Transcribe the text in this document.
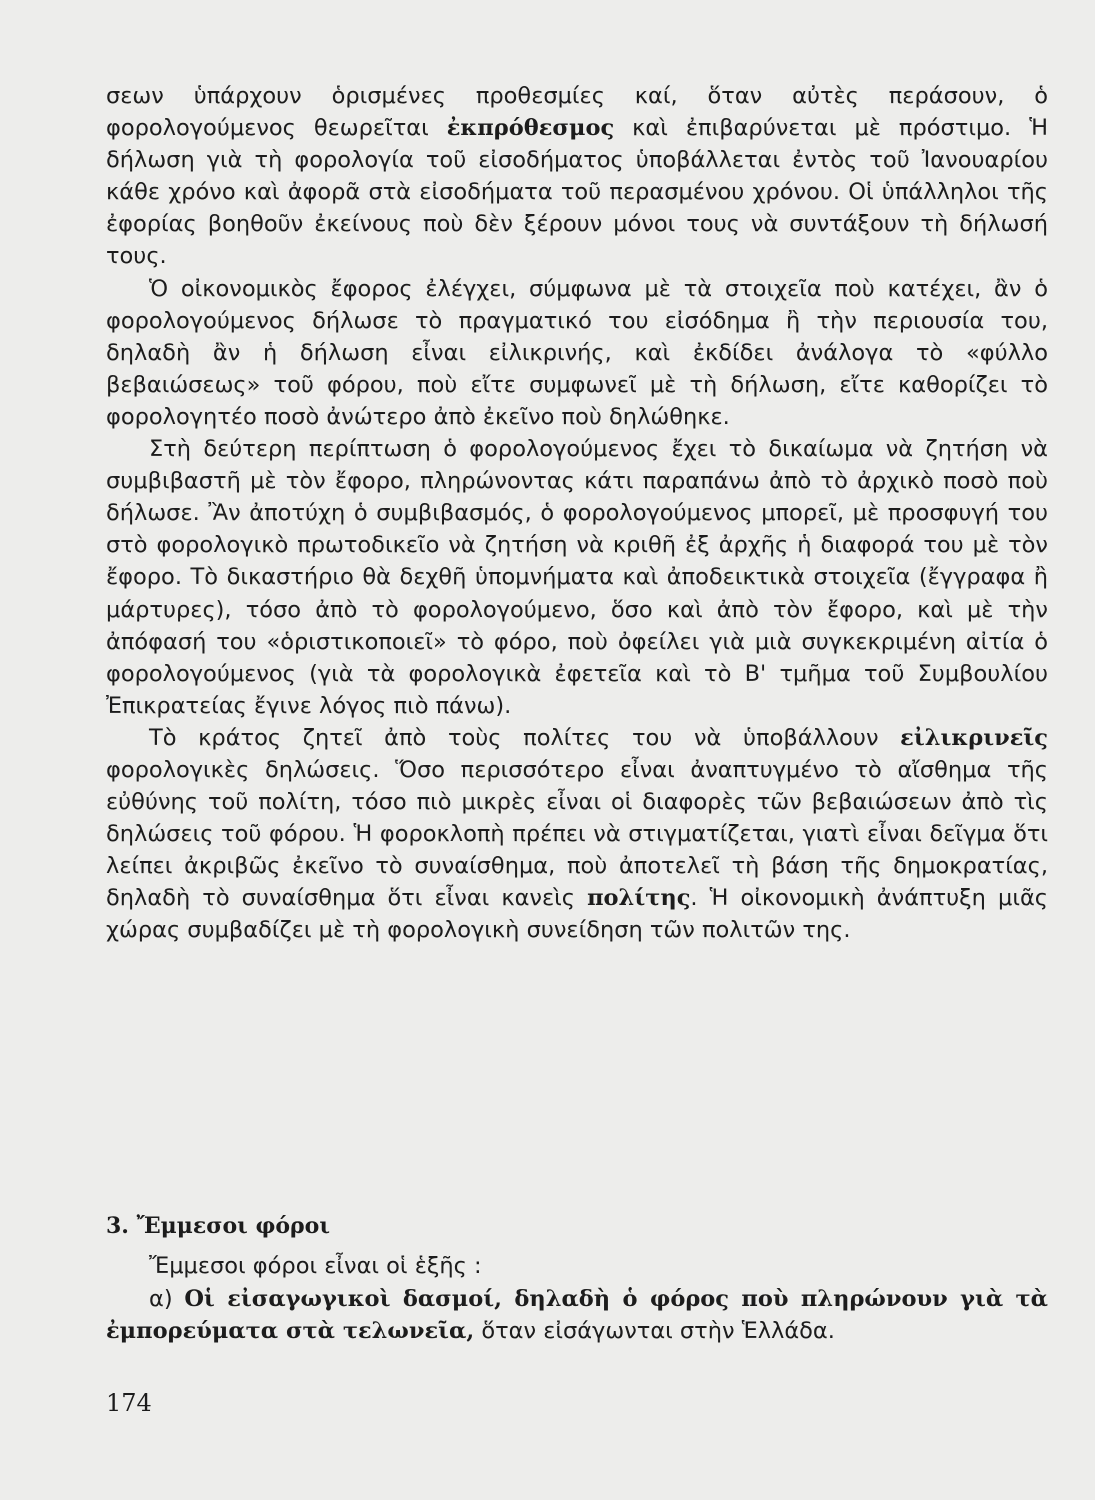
σεων ὑπάρχουν ὁρισμένες προθεσμίες καί, ὅταν αὐτὲς περάσουν, ὁ φορολογούμενος θεωρεῖται ἐκπρόθεσμος καὶ ἐπιβαρύνεται μὲ πρόστιμο. Ἡ δήλωση γιὰ τὴ φορολογία τοῦ εἰσοδήματος ὑποβάλλεται ἐντὸς τοῦ Ἰανουαρίου κάθε χρόνο καὶ ἀφορᾶ στὰ εἰσοδήματα τοῦ περασμένου χρόνου. Οἱ ὑπάλληλοι τῆς ἐφορίας βοηθοῦν ἐκείνους ποὺ δὲν ξέρουν μόνοι τους νὰ συντάξουν τὴ δήλωσή τους.

Ὁ οἰκονομικὸς ἔφορος ἐλέγχει, σύμφωνα μὲ τὰ στοιχεῖα ποὺ κατέχει, ἂν ὁ φορολογούμενος δήλωσε τὸ πραγματικό του εἰσόδημα ἢ τὴν περιουσία του, δηλαδὴ ἂν ἡ δήλωση εἶναι εἰλικρινής, καὶ ἐκδίδει ἀνάλογα τὸ «φύλλο βεβαιώσεως» τοῦ φόρου, ποὺ εἴτε συμφωνεῖ μὲ τὴ δήλωση, εἴτε καθορίζει τὸ φορολογητέο ποσὸ ἀνώτερο ἀπὸ ἐκεῖνο ποὺ δηλώθηκε.

Στὴ δεύτερη περίπτωση ὁ φορολογούμενος ἔχει τὸ δικαίωμα νὰ ζητήση νὰ συμβιβαστῆ μὲ τὸν ἔφορο, πληρώνοντας κάτι παραπάνω ἀπὸ τὸ ἀρχικὸ ποσὸ ποὺ δήλωσε. Ἂν ἀποτύχη ὁ συμβιβασμός, ὁ φορολογούμενος μπορεῖ, μὲ προσφυγή του στὸ φορολογικὸ πρωτοδικεῖο νὰ ζητήση νὰ κριθῆ ἐξ ἀρχῆς ἡ διαφορά του μὲ τὸν ἔφορο. Τὸ δικαστήριο θὰ δεχθῆ ὑπομνήματα καὶ ἀποδεικτικὰ στοιχεῖα (ἔγγραφα ἢ μάρτυρες), τόσο ἀπὸ τὸ φορολογούμενο, ὅσο καὶ ἀπὸ τὸν ἔφορο, καὶ μὲ τὴν ἀπόφασή του «ὁριστικοποιεῖ» τὸ φόρο, ποὺ ὀφείλει γιὰ μιὰ συγκεκριμένη αἰτία ὁ φορολογούμενος (γιὰ τὰ φορολογικὰ ἐφετεῖα καὶ τὸ Β' τμῆμα τοῦ Συμβουλίου Ἐπικρατείας ἔγινε λόγος πιὸ πάνω).

Τὸ κράτος ζητεῖ ἀπὸ τοὺς πολίτες του νὰ ὑποβάλλουν εἰλικρινεῖς φορολογικὲς δηλώσεις. Ὅσο περισσότερο εἶναι ἀναπτυγμένο τὸ αἴσθημα τῆς εὐθύνης τοῦ πολίτη, τόσο πιὸ μικρὲς εἶναι οἱ διαφορὲς τῶν βεβαιώσεων ἀπὸ τὶς δηλώσεις τοῦ φόρου. Ἡ φοροκλοπὴ πρέπει νὰ στιγματίζεται, γιατὶ εἶναι δεῖγμα ὅτι λείπει ἀκριβῶς ἐκεῖνο τὸ συναίσθημα, ποὺ ἀποτελεῖ τὴ βάση τῆς δημοκρατίας, δηλαδὴ τὸ συναίσθημα ὅτι εἶναι κανεὶς πολίτης. Ἡ οἰκονομικὴ ἀνάπτυξη μιᾶς χώρας συμβαδίζει μὲ τὴ φορολογικὴ συνείδηση τῶν πολιτῶν της.

3. Ἔμμεσοι φόροι

Ἔμμεσοι φόροι εἶναι οἱ ἑξῆς :

α) Οἱ εἰσαγωγικοὶ δασμοί, δηλαδὴ ὁ φόρος ποὺ πληρώνουν γιὰ τὰ ἐμπορεύματα στὰ τελωνεῖα, ὅταν εἰσάγωνται στὴν Ἑλλάδα.

174
